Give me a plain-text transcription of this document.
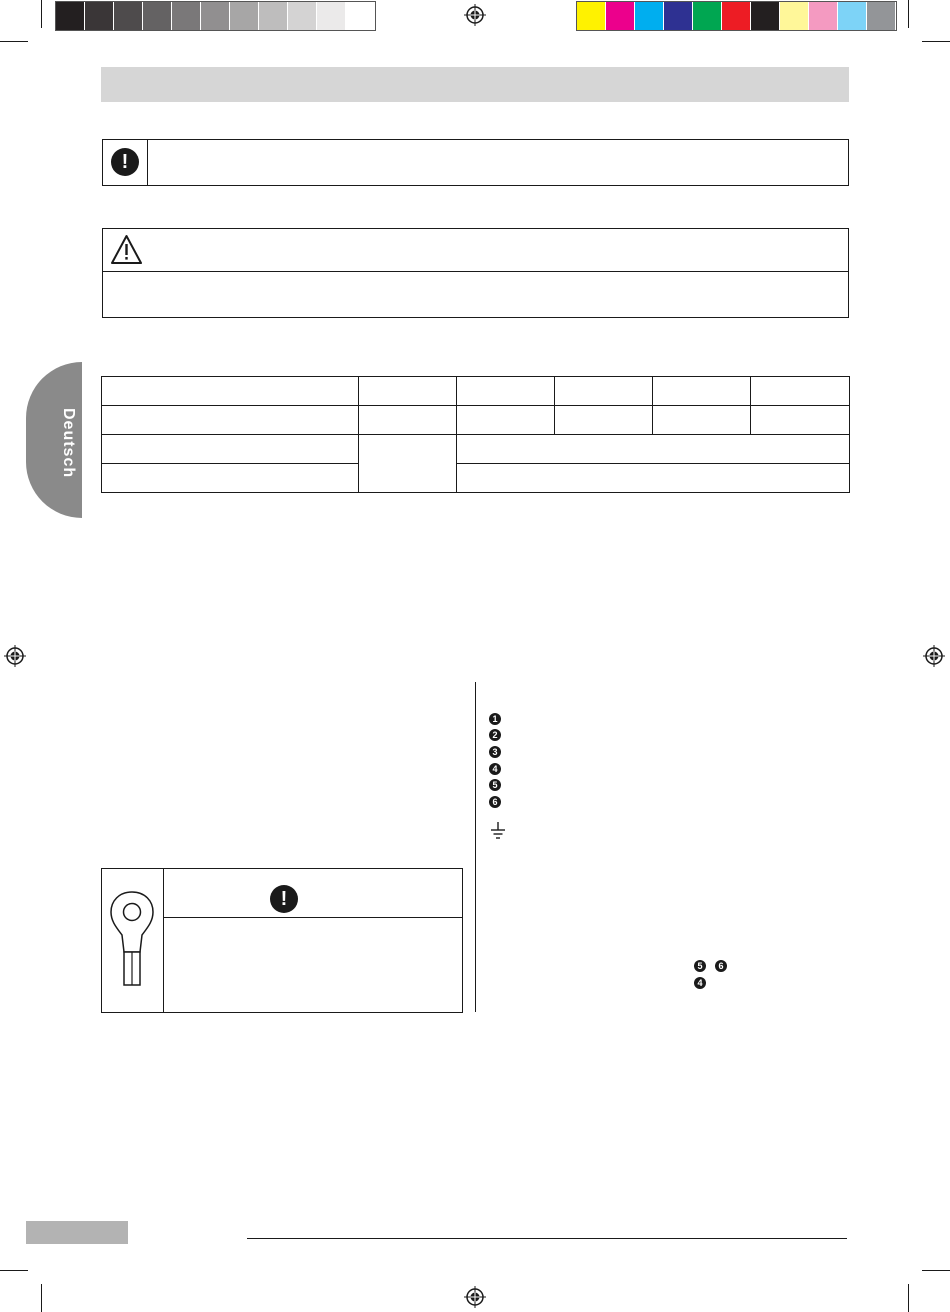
!
Deutsch

1
2
3
4
5
6
5	6
4
!
